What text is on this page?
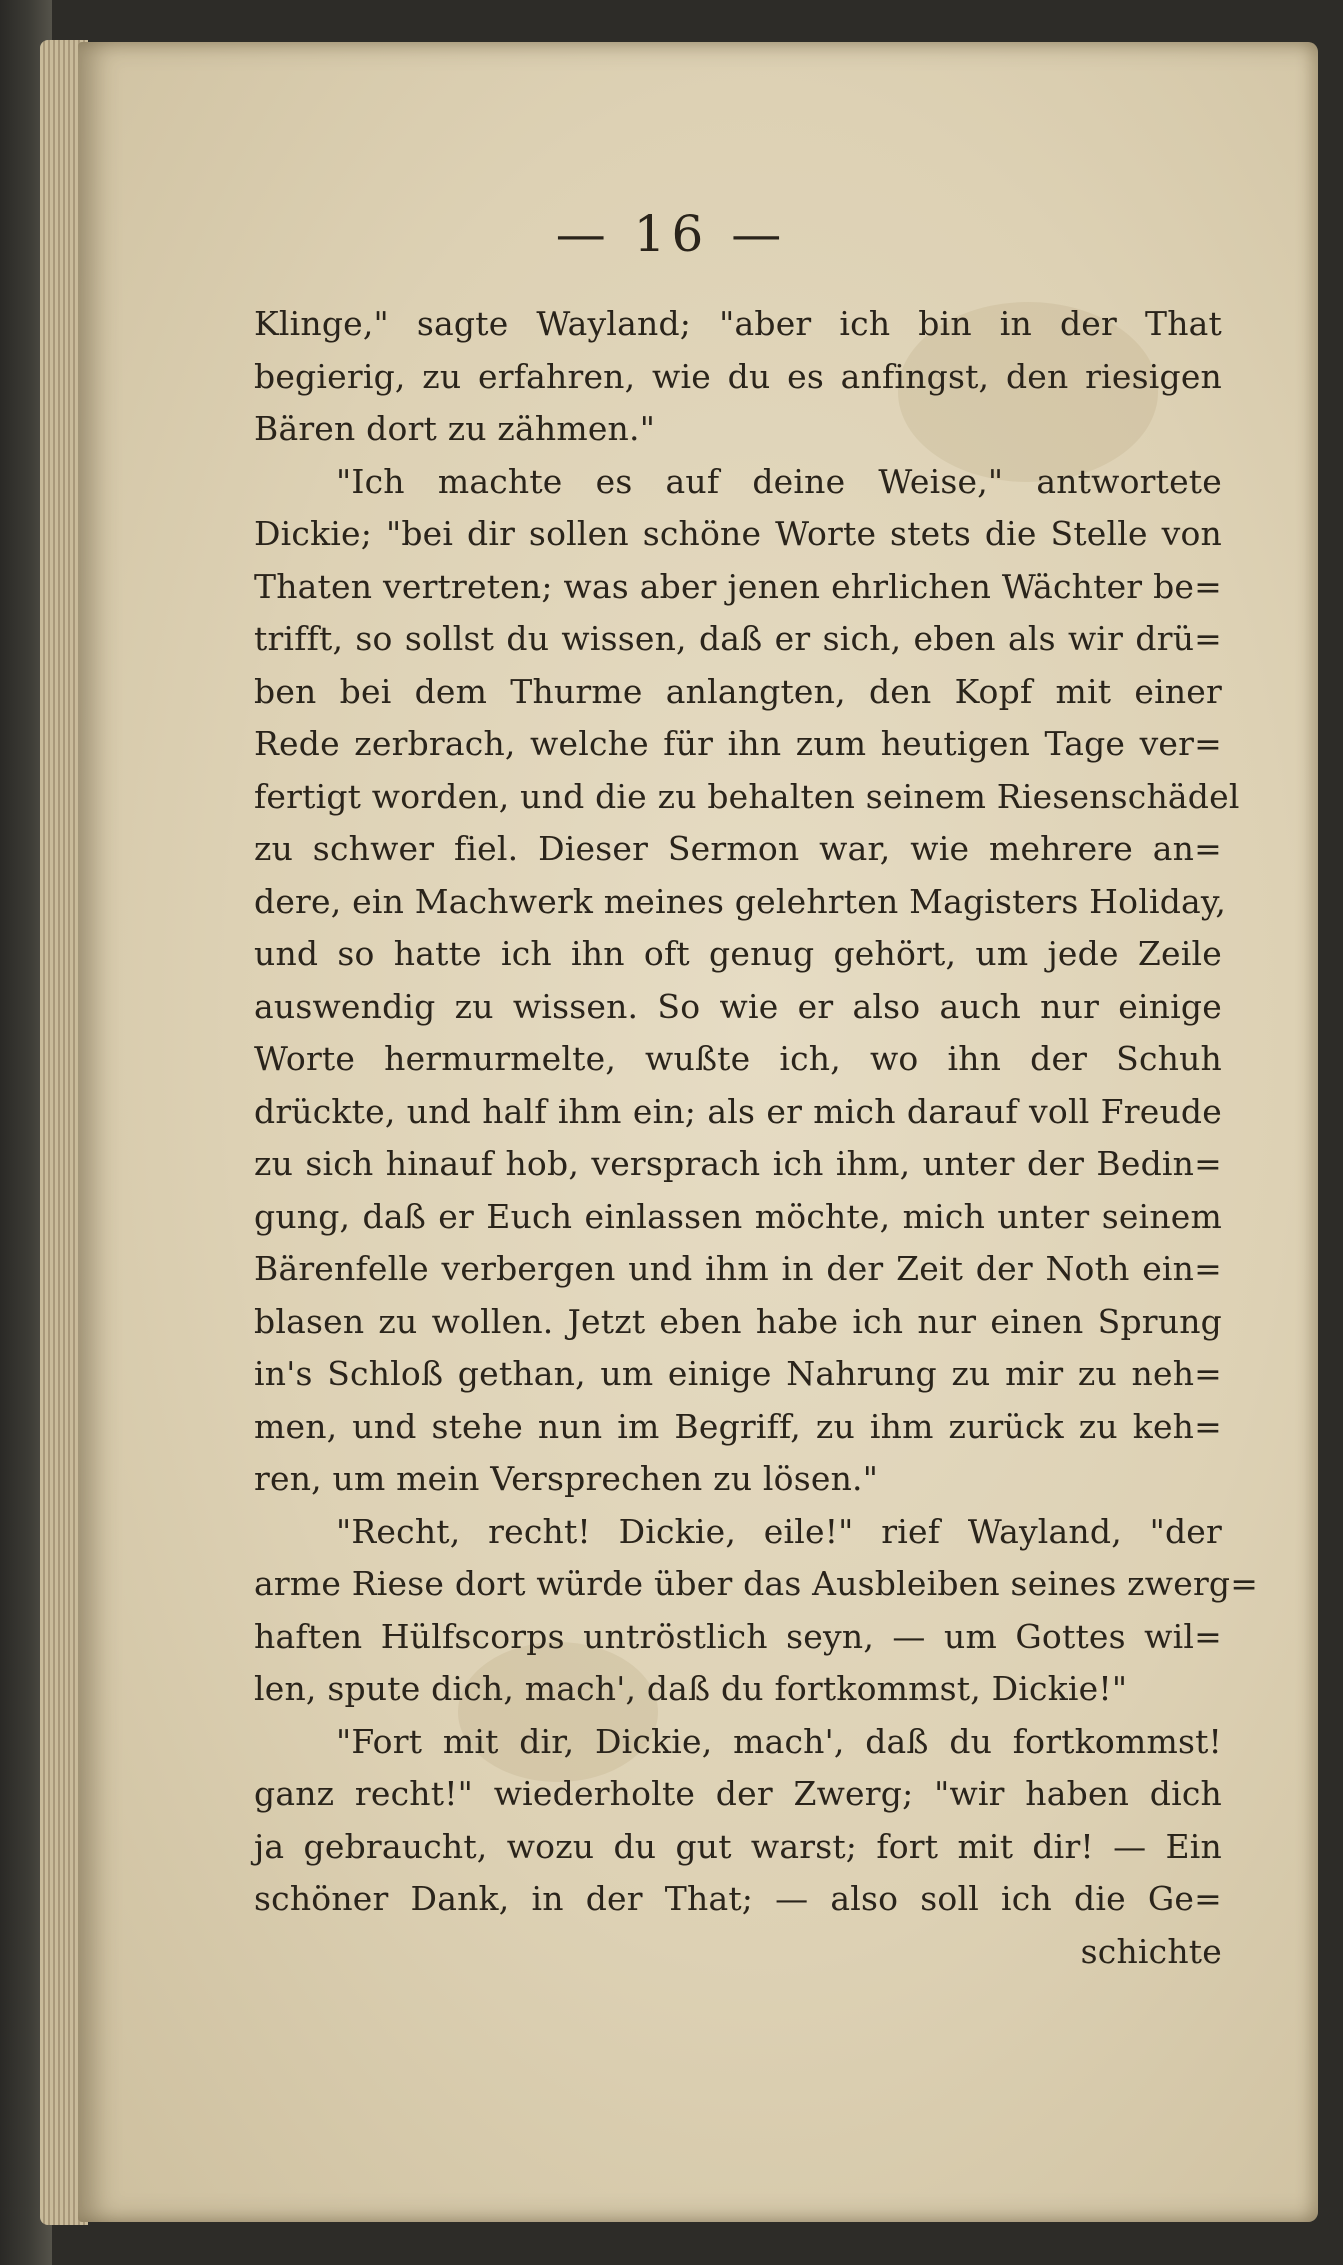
— 16 —
Klinge," sagte Wayland; "aber ich bin in der That
begierig, zu erfahren, wie du es anfingst, den riesigen
Bären dort zu zähmen."
"Ich machte es auf deine Weise," antwortete
Dickie; "bei dir sollen schöne Worte stets die Stelle von
Thaten vertreten; was aber jenen ehrlichen Wächter be=
trifft, so sollst du wissen, daß er sich, eben als wir drü=
ben bei dem Thurme anlangten, den Kopf mit einer
Rede zerbrach, welche für ihn zum heutigen Tage ver=
fertigt worden, und die zu behalten seinem Riesenschädel
zu schwer fiel. Dieser Sermon war, wie mehrere an=
dere, ein Machwerk meines gelehrten Magisters Holiday,
und so hatte ich ihn oft genug gehört, um jede Zeile
auswendig zu wissen. So wie er also auch nur einige
Worte hermurmelte, wußte ich, wo ihn der Schuh
drückte, und half ihm ein; als er mich darauf voll Freude
zu sich hinauf hob, versprach ich ihm, unter der Bedin=
gung, daß er Euch einlassen möchte, mich unter seinem
Bärenfelle verbergen und ihm in der Zeit der Noth ein=
blasen zu wollen. Jetzt eben habe ich nur einen Sprung
in's Schloß gethan, um einige Nahrung zu mir zu neh=
men, und stehe nun im Begriff, zu ihm zurück zu keh=
ren, um mein Versprechen zu lösen."
"Recht, recht! Dickie, eile!" rief Wayland, "der
arme Riese dort würde über das Ausbleiben seines zwerg=
haften Hülfscorps untröstlich seyn, — um Gottes wil=
len, spute dich, mach', daß du fortkommst, Dickie!"
"Fort mit dir, Dickie, mach', daß du fortkommst!
ganz recht!" wiederholte der Zwerg; "wir haben dich
ja gebraucht, wozu du gut warst; fort mit dir! — Ein
schöner Dank, in der That; — also soll ich die Ge=
schichte
